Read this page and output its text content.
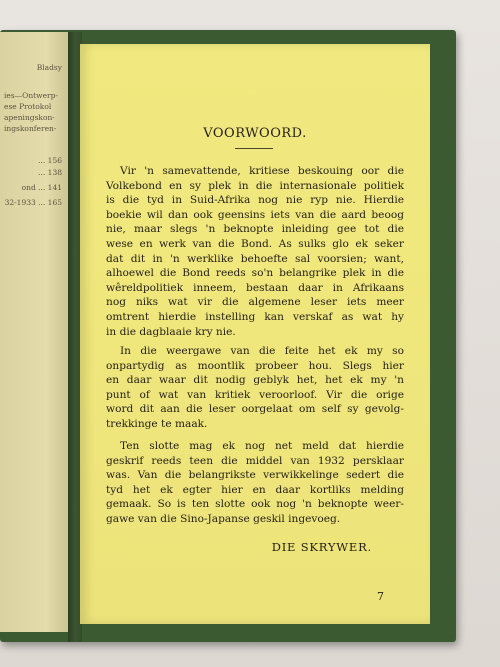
Bladsy
ies—Ontwerp-
ese Protokol
apeningskon-
ingskonferen-
... 156
... 138
ond ... 141
32-1933 ... 165
VOORWOORD.

Vir 'n samevattende, kritiese beskouing oor die
Volkebond en sy plek in die internasionale politiek
is die tyd in Suid-Afrika nog nie ryp nie. Hierdie
boekie wil dan ook geensins iets van die aard beoog
nie, maar slegs 'n beknopte inleiding gee tot die
wese en werk van die Bond. As sulks glo ek seker
dat dit in 'n werklike behoefte sal voorsien; want,
alhoewel die Bond reeds so'n belangrike plek in die
wêreldpolitiek inneem, bestaan daar in Afrikaans
nog niks wat vir die algemene leser iets meer
omtrent hierdie instelling kan verskaf as wat hy
in die dagblaaie kry nie.

In die weergawe van die feite het ek my so
onpartydig as moontlik probeer hou. Slegs hier
en daar waar dit nodig geblyk het, het ek my 'n
punt of wat van kritiek veroorloof. Vir die orige
word dit aan die leser oorgelaat om self sy gevolg-
trekkinge te maak.

Ten slotte mag ek nog net meld dat hierdie
geskrif reeds teen die middel van 1932 persklaar
was. Van die belangrikste verwikkelinge sedert die
tyd het ek egter hier en daar kortliks melding
gemaak. So is ten slotte ook nog 'n beknopte weer-
gawe van die Sino-Japanse geskil ingevoeg.

DIE SKRYWER.
7
